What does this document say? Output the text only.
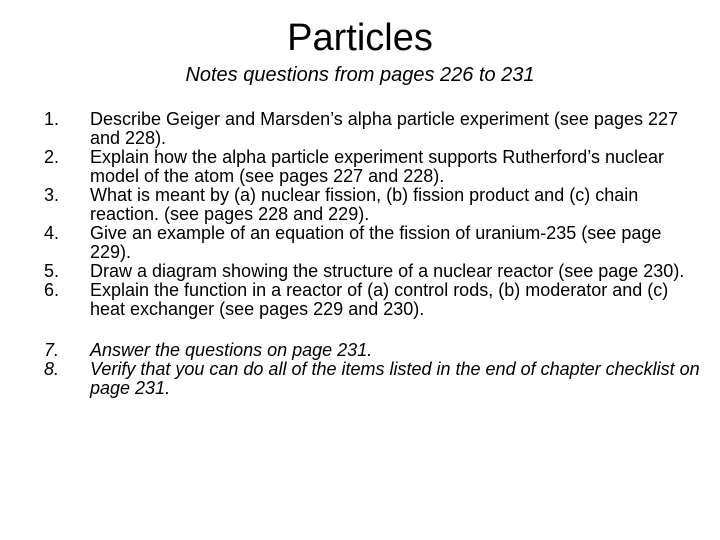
Particles
Notes questions from pages 226 to 231
1. Describe Geiger and Marsden’s alpha particle experiment (see pages 227 and 228).
2. Explain how the alpha particle experiment supports Rutherford’s nuclear model of the atom (see pages 227 and 228).
3. What is meant by (a) nuclear fission, (b) fission product and (c) chain reaction. (see pages 228 and 229).
4. Give an example of an equation of the fission of uranium-235 (see page 229).
5. Draw a diagram showing the structure of a nuclear reactor (see page 230).
6. Explain the function in a reactor of (a) control rods, (b) moderator and (c) heat exchanger (see pages 229 and 230).
7. Answer the questions on page 231.
8. Verify that you can do all of the items listed in the end of chapter checklist on page 231.
